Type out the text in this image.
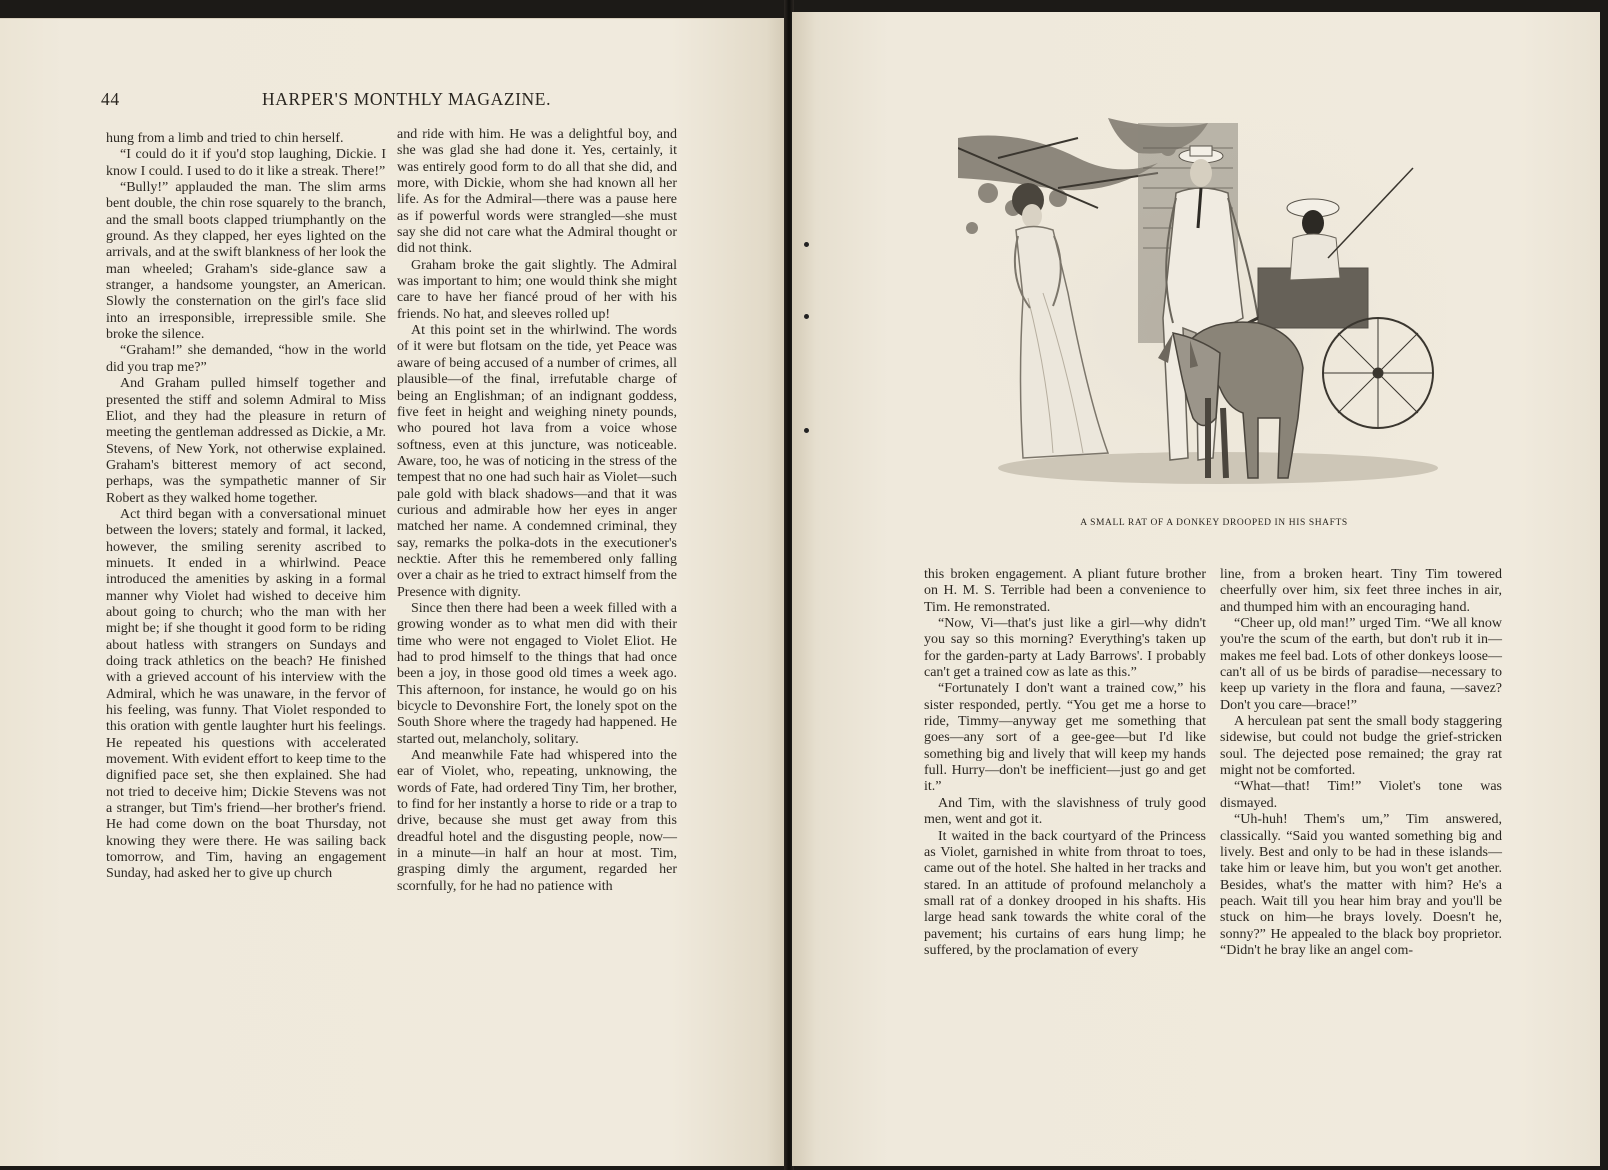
44	HARPER'S MONTHLY MAGAZINE.

hung from a limb and tried to chin herself.

“I could do it if you'd stop laughing, Dickie. I know I could. I used to do it like a streak. There!”

“Bully!” applauded the man. The slim arms bent double, the chin rose squarely to the branch, and the small boots clapped triumphantly on the ground. As they clapped, her eyes lighted on the arrivals, and at the swift blankness of her look the man wheeled; Graham's side-glance saw a stranger, a handsome youngster, an American. Slowly the consternation on the girl's face slid into an irresponsible, irrepressible smile. She broke the silence.

“Graham!” she demanded, “how in the world did you trap me?”

And Graham pulled himself together and presented the stiff and solemn Admiral to Miss Eliot, and they had the pleasure in return of meeting the gentleman addressed as Dickie, a Mr. Stevens, of New York, not otherwise explained. Graham's bitterest memory of act second, perhaps, was the sympathetic manner of Sir Robert as they walked home together.

Act third began with a conversational minuet between the lovers; stately and formal, it lacked, however, the smiling serenity ascribed to minuets. It ended in a whirlwind. Peace introduced the amenities by asking in a formal manner why Violet had wished to deceive him about going to church; who the man with her might be; if she thought it good form to be riding about hatless with strangers on Sundays and doing track athletics on the beach? He finished with a grieved account of his interview with the Admiral, which he was unaware, in the fervor of his feeling, was funny. That Violet responded to this oration with gentle laughter hurt his feelings. He repeated his questions with accelerated movement. With evident effort to keep time to the dignified pace set, she then explained. She had not tried to deceive him; Dickie Stevens was not a stranger, but Tim's friend—her brother's friend. He had come down on the boat Thursday, not knowing they were there. He was sailing back tomorrow, and Tim, having an engagement Sunday, had asked her to give up church

and ride with him. He was a delightful boy, and she was glad she had done it. Yes, certainly, it was entirely good form to do all that she did, and more, with Dickie, whom she had known all her life. As for the Admiral—there was a pause here as if powerful words were strangled—she must say she did not care what the Admiral thought or did not think.

Graham broke the gait slightly. The Admiral was important to him; one would think she might care to have her fiancé proud of her with his friends. No hat, and sleeves rolled up!

At this point set in the whirlwind. The words of it were but flotsam on the tide, yet Peace was aware of being accused of a number of crimes, all plausible—of the final, irrefutable charge of being an Englishman; of an indignant goddess, five feet in height and weighing ninety pounds, who poured hot lava from a voice whose softness, even at this juncture, was noticeable. Aware, too, he was of noticing in the stress of the tempest that no one had such hair as Violet—such pale gold with black shadows—and that it was curious and admirable how her eyes in anger matched her name. A condemned criminal, they say, remarks the polka-dots in the executioner's necktie. After this he remembered only falling over a chair as he tried to extract himself from the Presence with dignity.

Since then there had been a week filled with a growing wonder as to what men did with their time who were not engaged to Violet Eliot. He had to prod himself to the things that had once been a joy, in those good old times a week ago. This afternoon, for instance, he would go on his bicycle to Devonshire Fort, the lonely spot on the South Shore where the tragedy had happened. He started out, melancholy, solitary.

And meanwhile Fate had whispered into the ear of Violet, who, repeating, unknowing, the words of Fate, had ordered Tiny Tim, her brother, to find for her instantly a horse to ride or a trap to drive, because she must get away from this dreadful hotel and the disgusting people, now—in a minute—in half an hour at most. Tim, grasping dimly the argument, regarded her scornfully, for he had no patience with

A SMALL RAT OF A DONKEY DROOPED IN HIS SHAFTS

this broken engagement. A pliant future brother on H. M. S. Terrible had been a convenience to Tim. He remonstrated.

“Now, Vi—that's just like a girl—why didn't you say so this morning? Everything's taken up for the garden-party at Lady Barrows'. I probably can't get a trained cow as late as this.”

“Fortunately I don't want a trained cow,” his sister responded, pertly. “You get me a horse to ride, Timmy—anyway get me something that goes—any sort of a gee-gee—but I'd like something big and lively that will keep my hands full. Hurry—don't be inefficient—just go and get it.”

And Tim, with the slavishness of truly good men, went and got it.

It waited in the back courtyard of the Princess as Violet, garnished in white from throat to toes, came out of the hotel. She halted in her tracks and stared. In an attitude of profound melancholy a small rat of a donkey drooped in his shafts. His large head sank towards the white coral of the pavement; his curtains of ears hung limp; he suffered, by the proclamation of every

line, from a broken heart. Tiny Tim towered cheerfully over him, six feet three inches in air, and thumped him with an encouraging hand.

“Cheer up, old man!” urged Tim. “We all know you're the scum of the earth, but don't rub it in—makes me feel bad. Lots of other donkeys loose—can't all of us be birds of paradise—necessary to keep up variety in the flora and fauna, —savez? Don't you care—brace!”

A herculean pat sent the small body staggering sidewise, but could not budge the grief-stricken soul. The dejected pose remained; the gray rat might not be comforted.

“What—that! Tim!” Violet's tone was dismayed.

“Uh-huh! Them's um,” Tim answered, classically. “Said you wanted something big and lively. Best and only to be had in these islands—take him or leave him, but you won't get another. Besides, what's the matter with him? He's a peach. Wait till you hear him bray and you'll be stuck on him—he brays lovely. Doesn't he, sonny?” He appealed to the black boy proprietor. “Didn't he bray like an angel com-
